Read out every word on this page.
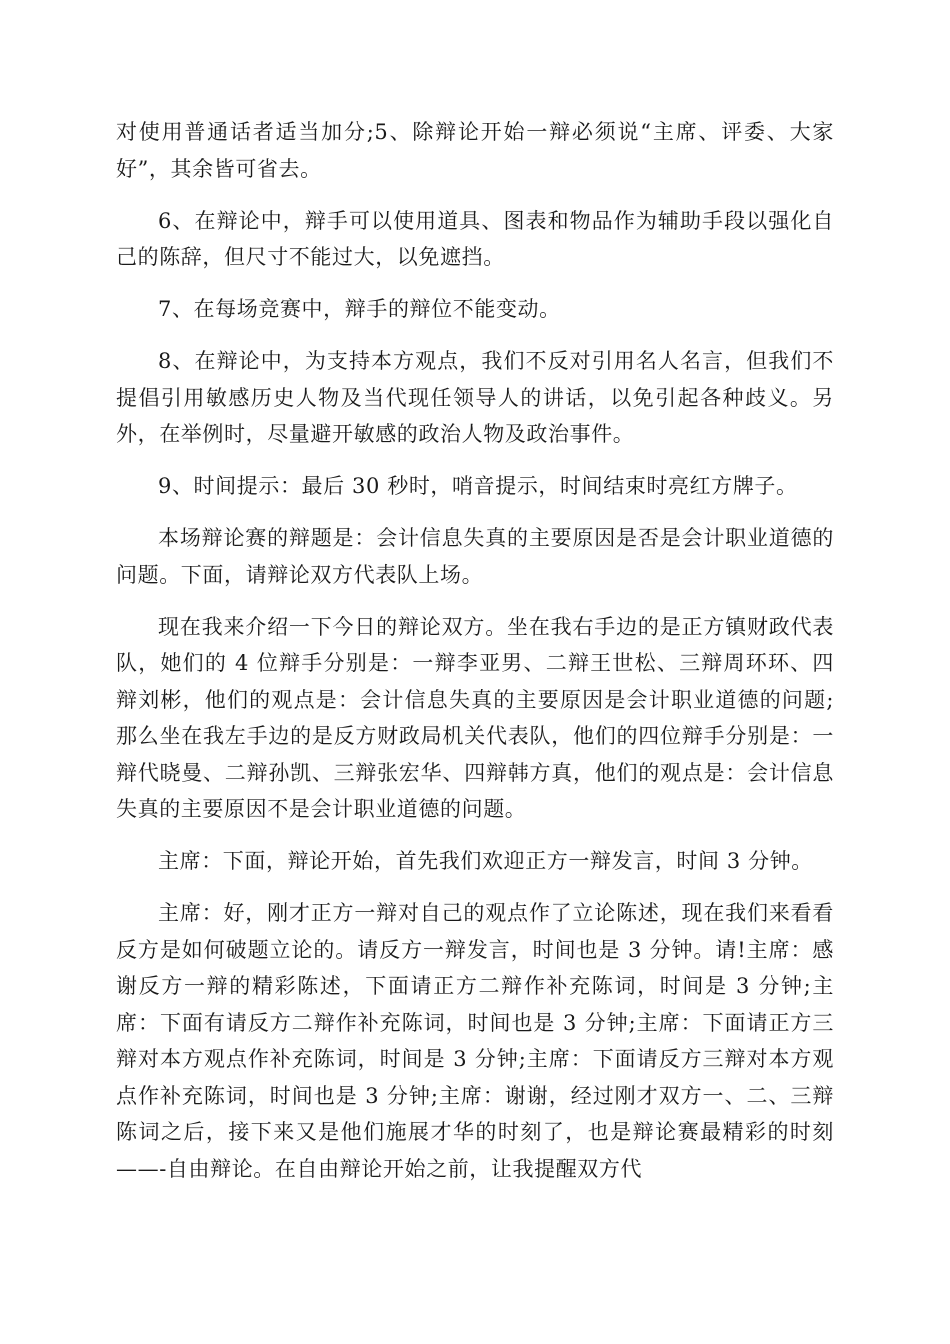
对使用普通话者适当加分;5、除辩论开始一辩必须说“主席、评委、大家好”，其余皆可省去。

6、在辩论中，辩手可以使用道具、图表和物品作为辅助手段以强化自己的陈辞，但尺寸不能过大，以免遮挡。

7、在每场竞赛中，辩手的辩位不能变动。

8、在辩论中，为支持本方观点，我们不反对引用名人名言，但我们不提倡引用敏感历史人物及当代现任领导人的讲话，以免引起各种歧义。另外，在举例时，尽量避开敏感的政治人物及政治事件。

9、时间提示：最后 30 秒时，哨音提示，时间结束时亮红方牌子。

本场辩论赛的辩题是：会计信息失真的主要原因是否是会计职业道德的问题。下面，请辩论双方代表队上场。

现在我来介绍一下今日的辩论双方。坐在我右手边的是正方镇财政代表队，她们的 4 位辩手分别是：一辩李亚男、二辩王世松、三辩周环环、四辩刘彬，他们的观点是：会计信息失真的主要原因是会计职业道德的问题;那么坐在我左手边的是反方财政局机关代表队，他们的四位辩手分别是：一辩代晓曼、二辩孙凯、三辩张宏华、四辩韩方真，他们的观点是：会计信息失真的主要原因不是会计职业道德的问题。

主席：下面，辩论开始，首先我们欢迎正方一辩发言，时间 3 分钟。

主席：好，刚才正方一辩对自己的观点作了立论陈述，现在我们来看看反方是如何破题立论的。请反方一辩发言，时间也是 3 分钟。请!主席：感谢反方一辩的精彩陈述，下面请正方二辩作补充陈词，时间是 3 分钟;主席：下面有请反方二辩作补充陈词，时间也是 3 分钟;主席：下面请正方三辩对本方观点作补充陈词，时间是 3 分钟;主席：下面请反方三辩对本方观点作补充陈词，时间也是 3 分钟;主席：谢谢，经过刚才双方一、二、三辩陈词之后，接下来又是他们施展才华的时刻了，也是辩论赛最精彩的时刻——-自由辩论。在自由辩论开始之前，让我提醒双方代
